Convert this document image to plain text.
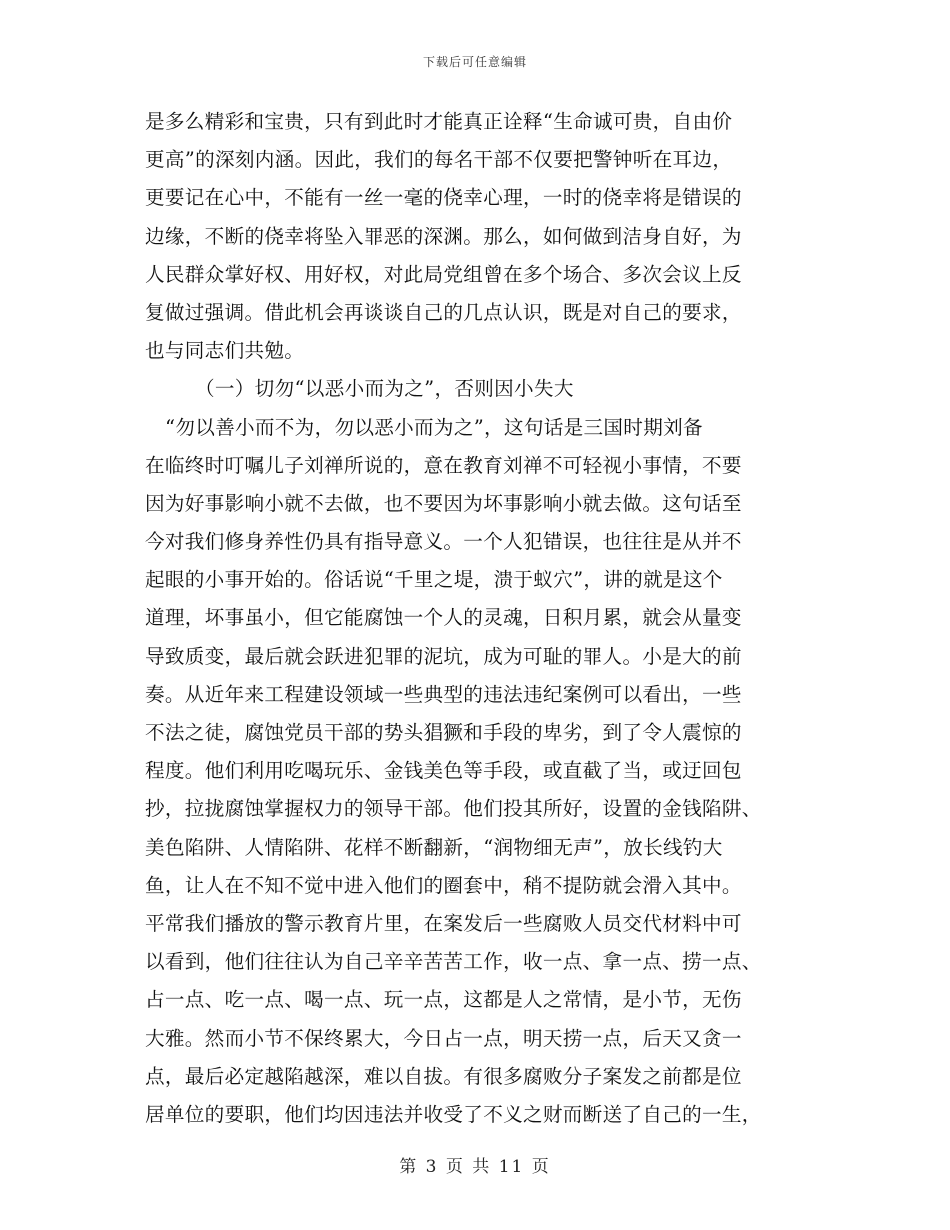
下载后可任意编辑
是多么精彩和宝贵，只有到此时才能真正诠释“生命诚可贵，自由价
更高”的深刻内涵。因此，我们的每名干部不仅要把警钟听在耳边，
更要记在心中，不能有一丝一毫的侥幸心理，一时的侥幸将是错误的
边缘，不断的侥幸将坠入罪恶的深渊。那么，如何做到洁身自好，为
人民群众掌好权、用好权，对此局党组曾在多个场合、多次会议上反
复做过强调。借此机会再谈谈自己的几点认识，既是对自己的要求，
也与同志们共勉。
（一）切勿“以恶小而为之”，否则因小失大
“勿以善小而不为，勿以恶小而为之”，这句话是三国时期刘备
在临终时叮嘱儿子刘禅所说的，意在教育刘禅不可轻视小事情，不要
因为好事影响小就不去做，也不要因为坏事影响小就去做。这句话至
今对我们修身养性仍具有指导意义。一个人犯错误，也往往是从并不
起眼的小事开始的。俗话说“千里之堤，溃于蚁穴”，讲的就是这个
道理，坏事虽小，但它能腐蚀一个人的灵魂，日积月累，就会从量变
导致质变，最后就会跃进犯罪的泥坑，成为可耻的罪人。小是大的前
奏。从近年来工程建设领域一些典型的违法违纪案例可以看出，一些
不法之徒，腐蚀党员干部的势头猖獗和手段的卑劣，到了令人震惊的
程度。他们利用吃喝玩乐、金钱美色等手段，或直截了当，或迂回包
抄，拉拢腐蚀掌握权力的领导干部。他们投其所好，设置的金钱陷阱、
美色陷阱、人情陷阱、花样不断翻新，“润物细无声”，放长线钓大
鱼，让人在不知不觉中进入他们的圈套中，稍不提防就会滑入其中。
平常我们播放的警示教育片里，在案发后一些腐败人员交代材料中可
以看到，他们往往认为自己辛辛苦苦工作，收一点、拿一点、捞一点、
占一点、吃一点、喝一点、玩一点，这都是人之常情，是小节，无伤
大雅。然而小节不保终累大，今日占一点，明天捞一点，后天又贪一
点，最后必定越陷越深，难以自拔。有很多腐败分子案发之前都是位
居单位的要职，他们均因违法并收受了不义之财而断送了自己的一生，
第 3 页 共 11 页
